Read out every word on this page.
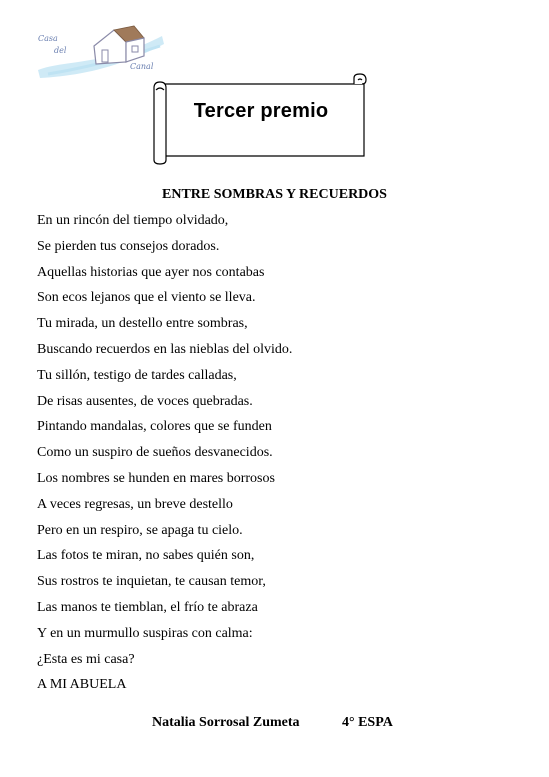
Casa
del
Canal
Tercer premio
ENTRE SOMBRAS Y RECUERDOS
En un rincón del tiempo olvidado,
Se pierden tus consejos dorados.
Aquellas historias que ayer nos contabas
Son ecos lejanos que el viento se lleva.
Tu mirada, un destello entre sombras,
Buscando recuerdos en las nieblas del olvido.
Tu sillón, testigo de tardes calladas,
De risas ausentes, de voces quebradas.
Pintando mandalas, colores que se funden
Como un suspiro de sueños desvanecidos.
Los nombres se hunden en mares borrosos
A veces regresas, un breve destello
Pero en un respiro, se apaga tu cielo.
Las fotos te miran, no sabes quién son,
Sus rostros te inquietan, te causan temor,
Las manos te tiemblan, el frío te abraza
Y en un murmullo suspiras con calma:
¿Esta es mi casa?
A MI ABUELA
Natalia Sorrosal Zumeta	4° ESPA
